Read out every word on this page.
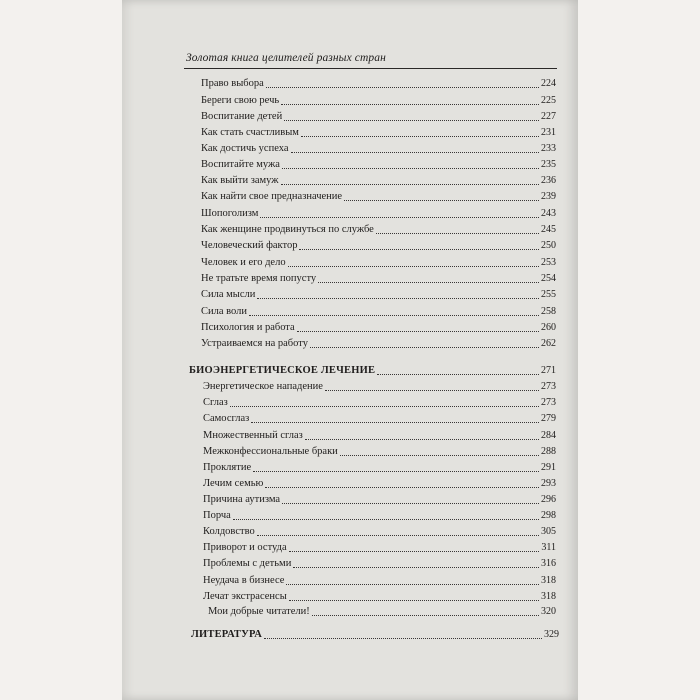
Золотая книга целителей разных стран
Право выбора	224
Береги свою речь	225
Воспитание детей	227
Как стать счастливым	231
Как достичь успеха	233
Воспитайте мужа	235
Как выйти замуж	236
Как найти свое предназначение	239
Шопоголизм	243
Как женщине продвинуться по службе	245
Человеческий фактор	250
Человек и его дело	253
Не тратьте время попусту	254
Сила мысли	255
Сила воли	258
Психология и работа	260
Устраиваемся на работу	262
БИОЭНЕРГЕТИЧЕСКОЕ ЛЕЧЕНИЕ	271
Энергетическое нападение	273
Сглаз	273
Самосглаз	279
Множественный сглаз	284
Межконфессиональные браки	288
Проклятие	291
Лечим семью	293
Причина аутизма	296
Порча	298
Колдовство	305
Приворот и остуда	311
Проблемы с детьми	316
Неудача в бизнесе	318
Лечат экстрасенсы	318
Мои добрые читатели!	320
ЛИТЕРАТУРА	329
